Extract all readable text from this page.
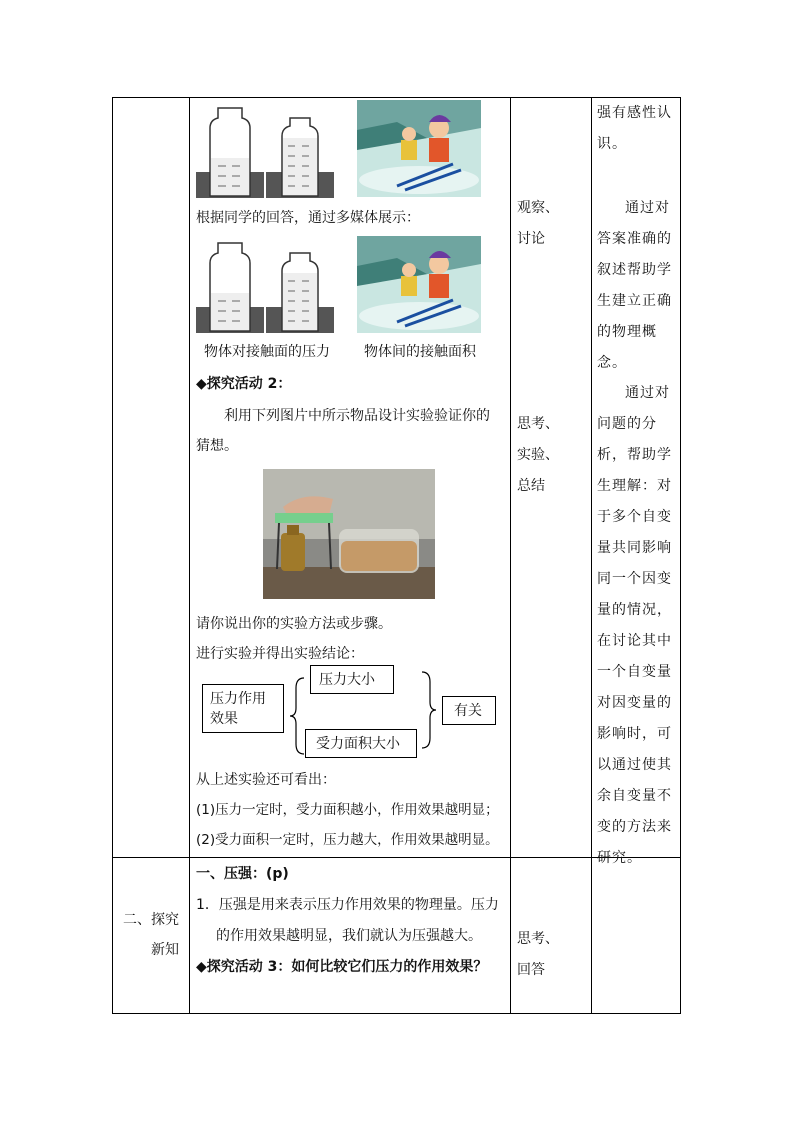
根据同学的回答，通过多媒体展示：
物体对接触面的压力 物体间的接触面积
◆探究活动 2：
利用下列图片中所示物品设计实验验证你的
猜想。
请你说出你的实验方法或步骤。
进行实验并得出实验结论：
压力作用
效果
压力大小
受力面积大小
有关
从上述实验还可看出：
(1)压力一定时，受力面积越小，作用效果越明显；
(2)受力面积一定时，压力越大，作用效果越明显。
观察、
讨论
思考、
实验、
总结
强有感性认识。
通过对答案准确的叙述帮助学生建立正确的物理概念。
通过对问题的分析，帮助学生理解：对于多个自变量共同影响同一个因变量的情况，在讨论其中一个自变量对因变量的影响时，可以通过使其余自变量不变的方法来研究。
二、探究
新知
一、压强：(p)
1．压强是用来表示压力作用效果的物理量。压力
的作用效果越明显，我们就认为压强越大。
◆探究活动 3：如何比较它们压力的作用效果？
思考、
回答
